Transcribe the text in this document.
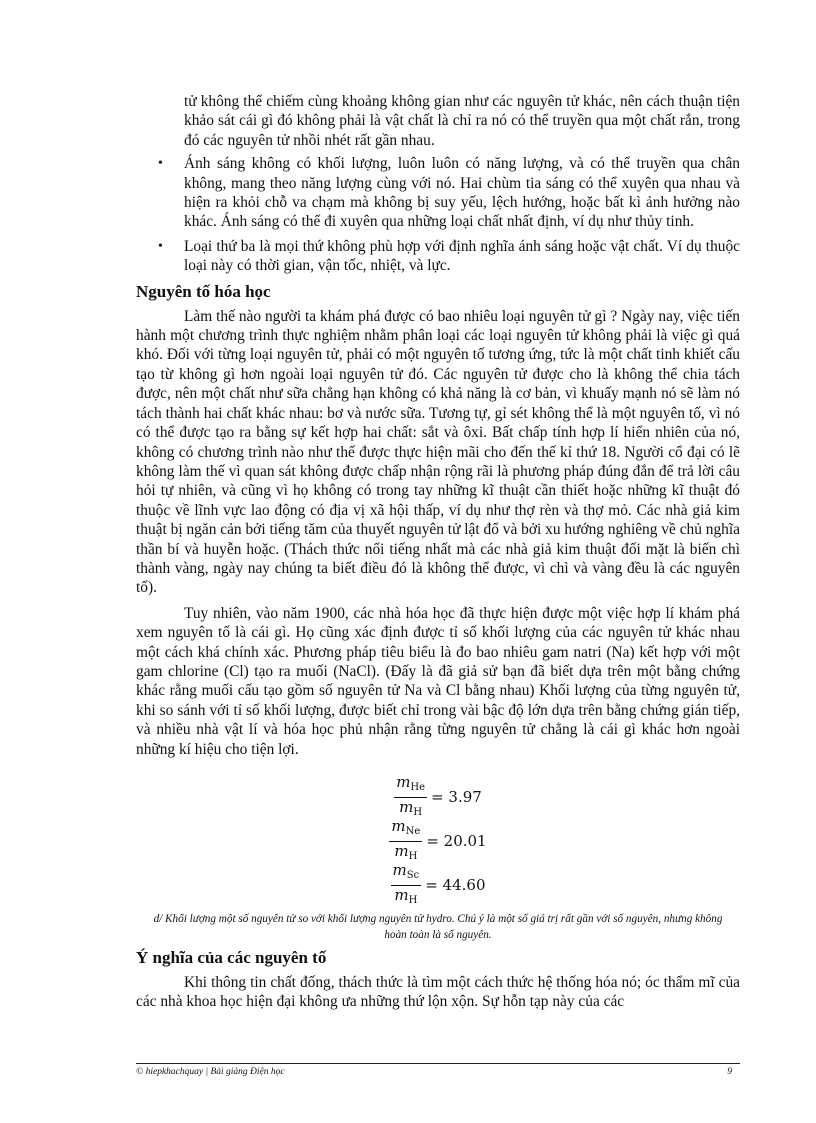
tử không thể chiếm cùng khoảng không gian như các nguyên tử khác, nên cách thuận tiện khảo sát cái gì đó không phải là vật chất là chỉ ra nó có thể truyền qua một chất rắn, trong đó các nguyên tử nhồi nhét rất gần nhau.

• Ánh sáng không có khối lượng, luôn luôn có năng lượng, và có thể truyền qua chân không, mang theo năng lượng cùng với nó. Hai chùm tia sáng có thể xuyên qua nhau và hiện ra khỏi chỗ va chạm mà không bị suy yếu, lệch hướng, hoặc bất kì ảnh hưởng nào khác. Ánh sáng có thể đi xuyên qua những loại chất nhất định, ví dụ như thủy tinh.
• Loại thứ ba là mọi thứ không phù hợp với định nghĩa ánh sáng hoặc vật chất. Ví dụ thuộc loại này có thời gian, vận tốc, nhiệt, và lực.
Nguyên tố hóa học

Làm thế nào người ta khám phá được có bao nhiêu loại nguyên tử gì ? Ngày nay, việc tiến hành một chương trình thực nghiệm nhằm phân loại các loại nguyên tử không phải là việc gì quá khó. Đối với từng loại nguyên tử, phải có một nguyên tố tương ứng, tức là một chất tinh khiết cấu tạo từ không gì hơn ngoài loại nguyên tử đó. Các nguyên tử được cho là không thể chia tách được, nên một chất như sữa chẳng hạn không có khả năng là cơ bản, vì khuấy mạnh nó sẽ làm nó tách thành hai chất khác nhau: bơ và nước sữa. Tương tự, gỉ sét không thể là một nguyên tố, vì nó có thể được tạo ra bằng sự kết hợp hai chất: sắt và ôxi. Bất chấp tính hợp lí hiển nhiên của nó, không có chương trình nào như thế được thực hiện mãi cho đến thế kỉ thứ 18. Người cổ đại có lẽ không làm thế vì quan sát không được chấp nhận rộng rãi là phương pháp đúng đắn để trả lời câu hỏi tự nhiên, và cũng vì họ không có trong tay những kĩ thuật cần thiết hoặc những kĩ thuật đó thuộc về lĩnh vực lao động có địa vị xã hội thấp, ví dụ như thợ rèn và thợ mỏ. Các nhà giả kim thuật bị ngăn cản bởi tiếng tăm của thuyết nguyên tử lật đổ và bởi xu hướng nghiêng về chủ nghĩa thần bí và huyễn hoặc. (Thách thức nổi tiếng nhất mà các nhà giả kim thuật đối mặt là biến chì thành vàng, ngày nay chúng ta biết điều đó là không thể được, vì chì và vàng đều là các nguyên tố).

Tuy nhiên, vào năm 1900, các nhà hóa học đã thực hiện được một việc hợp lí khám phá xem nguyên tố là cái gì. Họ cũng xác định được tỉ số khối lượng của các nguyên tử khác nhau một cách khá chính xác. Phương pháp tiêu biểu là đo bao nhiêu gam natri (Na) kết hợp với một gam chlorine (Cl) tạo ra muối (NaCl). (Đấy là đã giả sử bạn đã biết dựa trên một bằng chứng khác rằng muối cấu tạo gồm số nguyên tử Na và Cl bằng nhau) Khối lượng của từng nguyên tử, khi so sánh với tỉ số khối lượng, được biết chỉ trong vài bậc độ lớn dựa trên bằng chứng gián tiếp, và nhiều nhà vật lí và hóa học phủ nhận rằng từng nguyên tử chẳng là cái gì khác hơn ngoài những kí hiệu cho tiện lợi.

$\frac{m_{He}}{m_H} = 3.97$
$\frac{m_{Ne}}{m_H} = 20.01$
$\frac{m_{Sc}}{m_H} = 44.60$

d/ Khối lượng một số nguyên tử so với khối lượng nguyên tử hydro. Chú ý là một số giá trị rất gần với số nguyên, nhưng không hoàn toàn là số nguyên.

Ý nghĩa của các nguyên tố

Khi thông tin chất đống, thách thức là tìm một cách thức hệ thống hóa nó; óc thẩm mĩ của các nhà khoa học hiện đại không ưa những thứ lộn xộn. Sự hỗn tạp này của các

© hiepkhachquay | Bài giảng Điện học	9
